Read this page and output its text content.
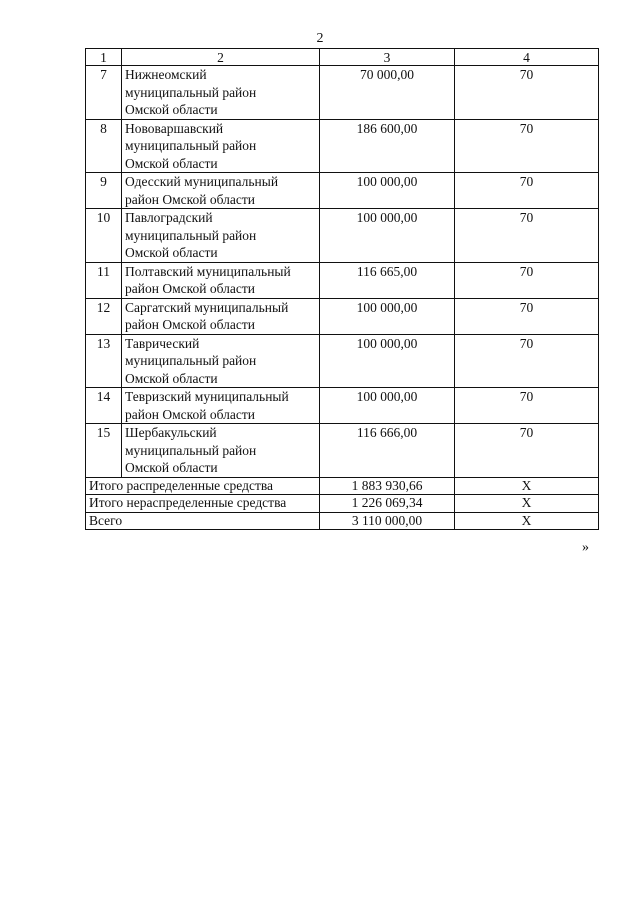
2
1	2	3	4
7	Нижнеомский
муниципальный район
Омской области	70 000,00	70
8	Нововаршавский
муниципальный район
Омской области	186 600,00	70
9	Одесский муниципальный
район Омской области	100 000,00	70
10	Павлоградский
муниципальный район
Омской области	100 000,00	70
11	Полтавский муниципальный
район Омской области	116 665,00	70
12	Саргатский муниципальный
район Омской области	100 000,00	70
13	Таврический
муниципальный район
Омской области	100 000,00	70
14	Тевризский муниципальный
район Омской области	100 000,00	70
15	Шербакульский
муниципальный район
Омской области	116 666,00	70
Итого распределенные средства		1 883 930,66	Х
Итого нераспределенные средства		1 226 069,34	Х
Всего		3 110 000,00	Х
»
